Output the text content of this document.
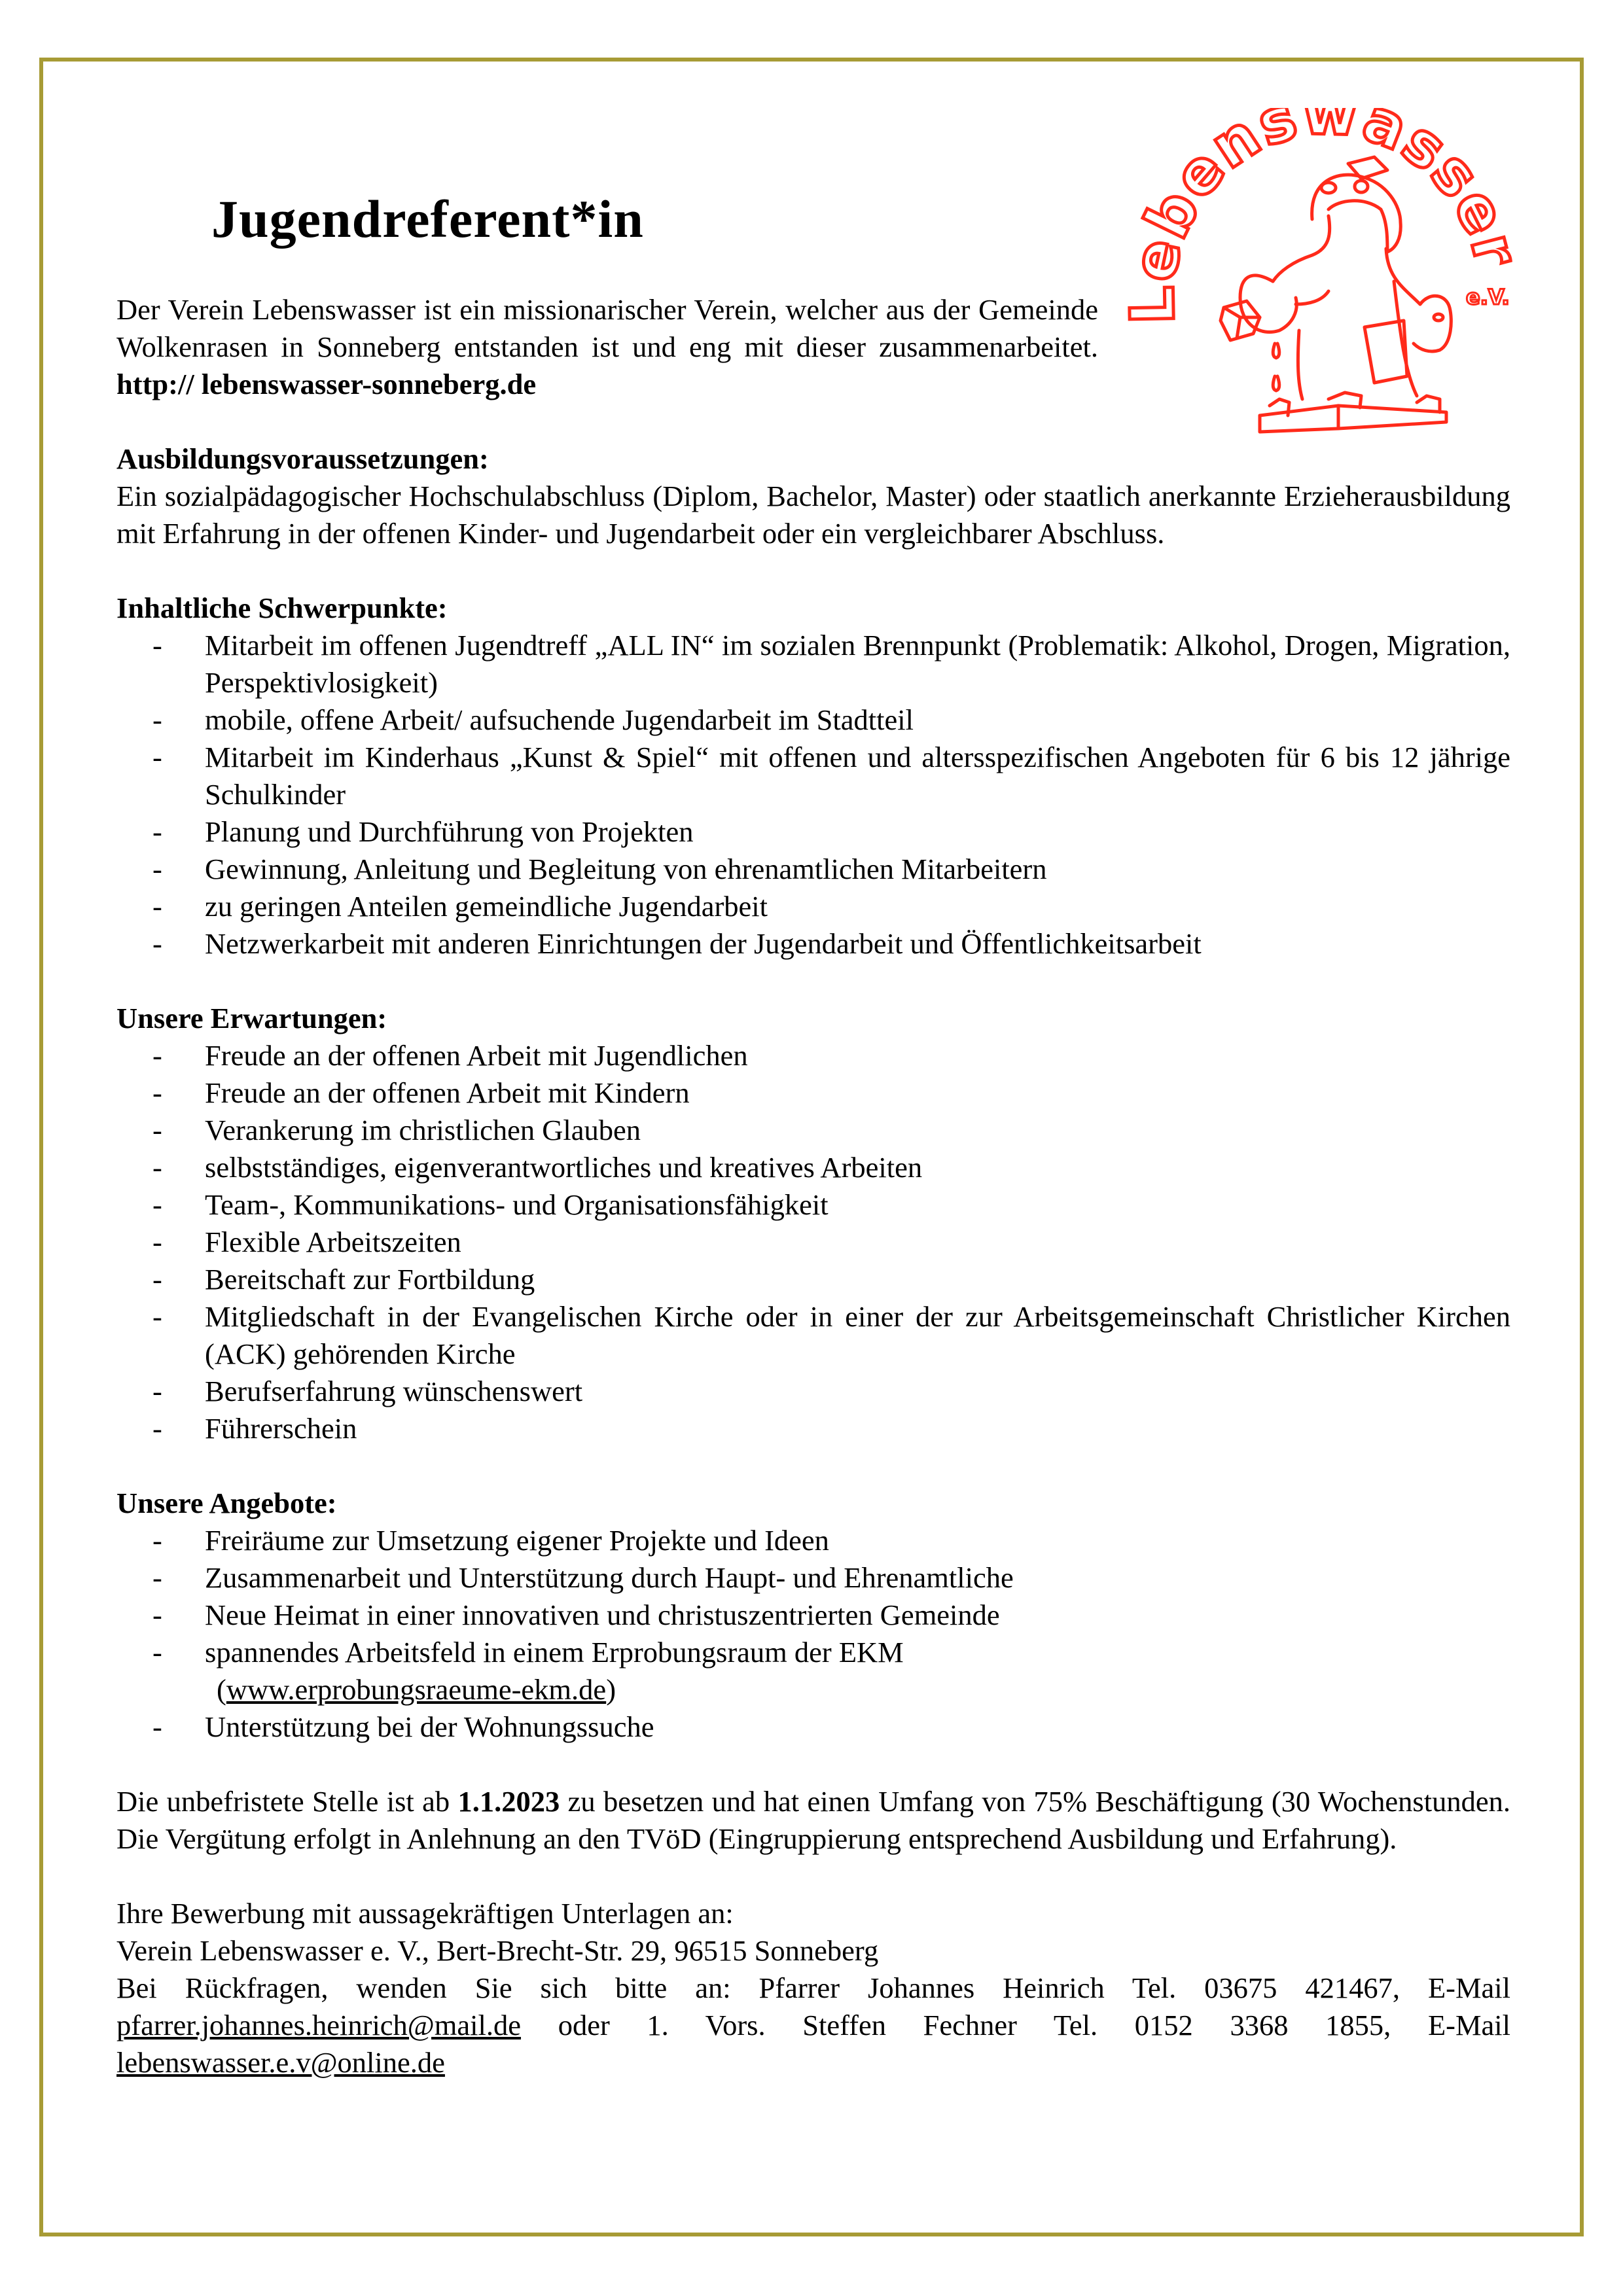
Jugendreferent*in
Lebenswasser
e.V.

Der Verein Lebenswasser ist ein missionarischer Verein, welcher aus der Gemeinde Wolkenrasen in Sonneberg entstanden ist und eng mit dieser zusammenarbeitet. http:// lebenswasser-sonneberg.de

Ausbildungsvoraussetzungen:
Ein sozialpädagogischer Hochschulabschluss (Diplom, Bachelor, Master) oder staatlich anerkannte Erzieherausbildung mit Erfahrung in der offenen Kinder- und Jugendarbeit oder ein vergleichbarer Abschluss.
Inhaltliche Schwerpunkte:
- Mitarbeit im offenen Jugendtreff „ALL IN“ im sozialen Brennpunkt (Problematik: Alkohol, Drogen, Migration, Perspektivlosigkeit)
- mobile, offene Arbeit/ aufsuchende Jugendarbeit im Stadtteil
- Mitarbeit im Kinderhaus „Kunst & Spiel“ mit offenen und altersspezifischen Angeboten für 6 bis 12 jährige Schulkinder
- Planung und Durchführung von Projekten
- Gewinnung, Anleitung und Begleitung von ehrenamtlichen Mitarbeitern
- zu geringen Anteilen gemeindliche Jugendarbeit
- Netzwerkarbeit mit anderen Einrichtungen der Jugendarbeit und Öffentlichkeitsarbeit
Unsere Erwartungen:
- Freude an der offenen Arbeit mit Jugendlichen
- Freude an der offenen Arbeit mit Kindern
- Verankerung im christlichen Glauben
- selbstständiges, eigenverantwortliches und kreatives Arbeiten
- Team-, Kommunikations- und Organisationsfähigkeit
- Flexible Arbeitszeiten
- Bereitschaft zur Fortbildung
- Mitgliedschaft in der Evangelischen Kirche oder in einer der zur Arbeitsgemeinschaft Christlicher Kirchen (ACK) gehörenden Kirche
- Berufserfahrung wünschenswert
- Führerschein
Unsere Angebote:
- Freiräume zur Umsetzung eigener Projekte und Ideen
- Zusammenarbeit und Unterstützung durch Haupt- und Ehrenamtliche
- Neue Heimat in einer innovativen und christuszentrierten Gemeinde
- spannendes Arbeitsfeld in einem Erprobungsraum der EKM
(www.erprobungsraeume-ekm.de)
- Unterstützung bei der Wohnungssuche

Die unbefristete Stelle ist ab 1.1.2023 zu besetzen und hat einen Umfang von 75% Beschäftigung (30 Wochenstunden. Die Vergütung erfolgt in Anlehnung an den TVöD (Eingruppierung entsprechend Ausbildung und Erfahrung).

Ihre Bewerbung mit aussagekräftigen Unterlagen an:
Verein Lebenswasser e. V., Bert-Brecht-Str. 29, 96515 Sonneberg
Bei Rückfragen, wenden Sie sich bitte an: Pfarrer Johannes Heinrich Tel. 03675 421467, E-Mail pfarrer.johannes.heinrich@mail.de oder 1. Vors. Steffen Fechner Tel. 0152 3368 1855, E-Mail lebenswasser.e.v@online.de
